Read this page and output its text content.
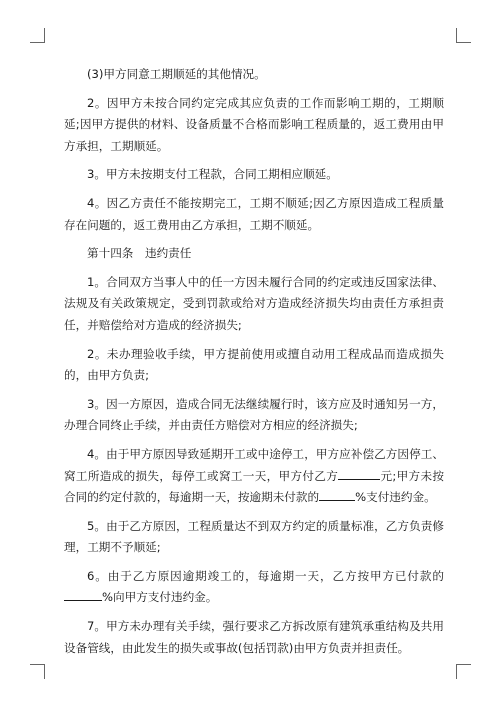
(3)甲方同意工期顺延的其他情况。

2。因甲方未按合同约定完成其应负责的工作而影响工期的，工期顺延;因甲方提供的材料、设备质量不合格而影响工程质量的，返工费用由甲方承担，工期顺延。

3。甲方未按期支付工程款，合同工期相应顺延。

4。因乙方责任不能按期完工，工期不顺延;因乙方原因造成工程质量存在问题的，返工费用由乙方承担，工期不顺延。

第十四条　违约责任

1。合同双方当事人中的任一方因未履行合同的约定或违反国家法律、法规及有关政策规定，受到罚款或给对方造成经济损失均由责任方承担责任，并赔偿给对方造成的经济损失;

2。未办理验收手续，甲方提前使用或擅自动用工程成品而造成损失的，由甲方负责;

3。因一方原因，造成合同无法继续履行时，该方应及时通知另一方，办理合同终止手续，并由责任方赔偿对方相应的经济损失;

4。由于甲方原因导致延期开工或中途停工，甲方应补偿乙方因停工、窝工所造成的损失，每停工或窝工一天，甲方付乙方	元;甲方未按合同的约定付款的，每逾期一天，按逾期未付款的	%支付违约金。

5。由于乙方原因，工程质量达不到双方约定的质量标准，乙方负责修理，工期不予顺延;

6。由于乙方原因逾期竣工的，每逾期一天，乙方按甲方已付款的%向甲方支付违约金。

7。甲方未办理有关手续，强行要求乙方拆改原有建筑承重结构及共用设备管线，由此发生的损失或事故(包括罚款)由甲方负责并担责任。
